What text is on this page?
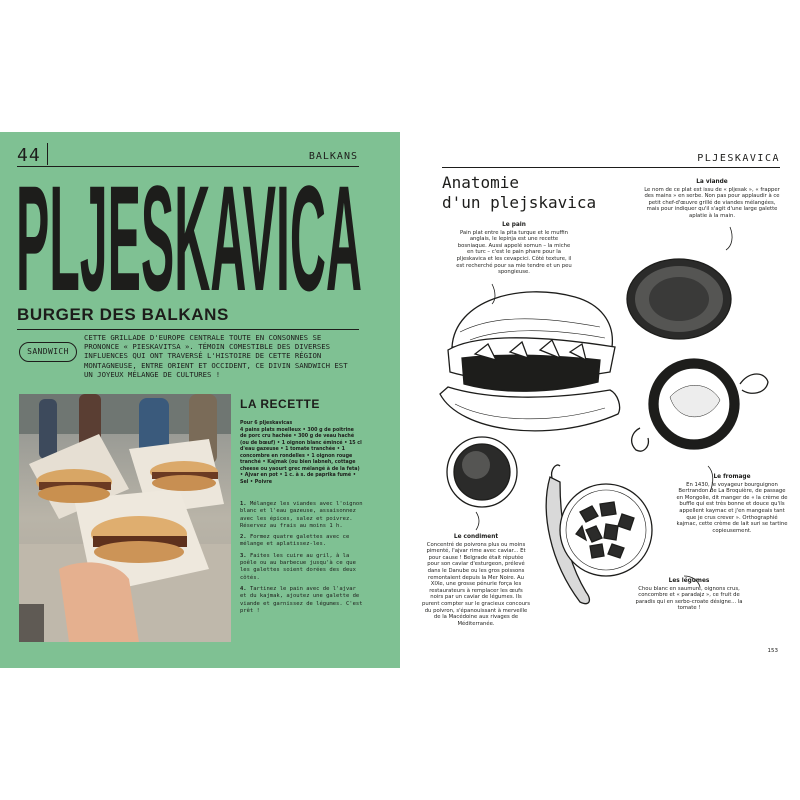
44	BALKANS
PLJESKAVICA
BURGER DES BALKANS
SANDWICH
CETTE GRILLADE D'EUROPE CENTRALE TOUTE EN CONSONNES SE PRONONCE « PIESKAVITSA ». TÉMOIN COMESTIBLE DES DIVERSES INFLUENCES QUI ONT TRAVERSÉ L'HISTOIRE DE CETTE RÉGION MONTAGNEUSE, ENTRE ORIENT ET OCCIDENT, CE DIVIN SANDWICH EST UN JOYEUX MÉLANGE DE CULTURES !
LA RECETTE
Pour 6 pljeskavicas
4 pains plats moelleux • 300 g de poitrine de porc cru hachée • 300 g de veau haché (ou de bœuf) • 1 oignon blanc émincé • 15 cl d'eau gazeuse • 1 tomate tranchée • 1 concombre en rondelles • 1 oignon rouge tranché • Kajmak (ou bien labneh, cottage cheese ou yaourt grec mélangé à de la feta) • Ajvar en pot • 1 c. à s. de paprika fumé • Sel • Poivre
1. Mélangez les viandes avec l'oignon blanc et l'eau gazeuse, assaisonnez avec les épices, salez et poivrez. Réservez au frais au moins 1 h.
2. Formez quatre galettes avec ce mélange et aplatissez-les.
3. Faites les cuire au gril, à la poêle ou au barbecue jusqu'à ce que les galettes soient dorées des deux côtés.
4. Tartinez le pain avec de l'ajvar et du kajmak, ajoutez une galette de viande et garnissez de légumes. C'est prêt !
PLJESKAVICA
Anatomie
d'un plejskavica
Le pain
Pain plat entre la pita turque et le muffin anglais, le lepinja est une recette bosniaque. Aussi appelé somun – la miche en turc – c'est le pain phare pour la pljeskavica et les cevapcici. Côté texture, il est recherché pour sa mie tendre et un peu spongieuse.
La viande
Le nom de ce plat est issu de « pljesak », « frapper des mains » en serbe. Non pas pour applaudir à ce petit chef-d'œuvre grillé de viandes mélangées, mais pour indiquer qu'il s'agit d'une large galette aplatie à la main.
Le fromage
En 1430, le voyageur bourguignon Bertrandon de La Broquière, de passage en Mongolie, dit manger de « la crème de buffle qui est très bonne et douce qu'ils appellent kaymac et j'en mangeais tant que je crus crever ». Orthographié kajmac, cette crème de lait suri se tartine copieusement.
Le condiment
Concentré de poivrons plus ou moins pimenté, l'ajvar rime avec caviar... Et pour cause ! Belgrade était réputée pour son caviar d'esturgeon, prélevé dans le Danube ou les gros poissons remontaient depuis la Mer Noire. Au XIXe, une grosse pénurie força les restaurateurs à remplacer les œufs noirs par un caviar de légumes. Ils purent compter sur le gracieux concours du poivron, s'épanouissant à merveille de la Macédoine aux rivages de Méditerranée.
Les légumes
Chou blanc en saumure, oignons crus, concombre et « paradajz », ce fruit de paradis qui en serbo-croate désigne... la tomate !
153
